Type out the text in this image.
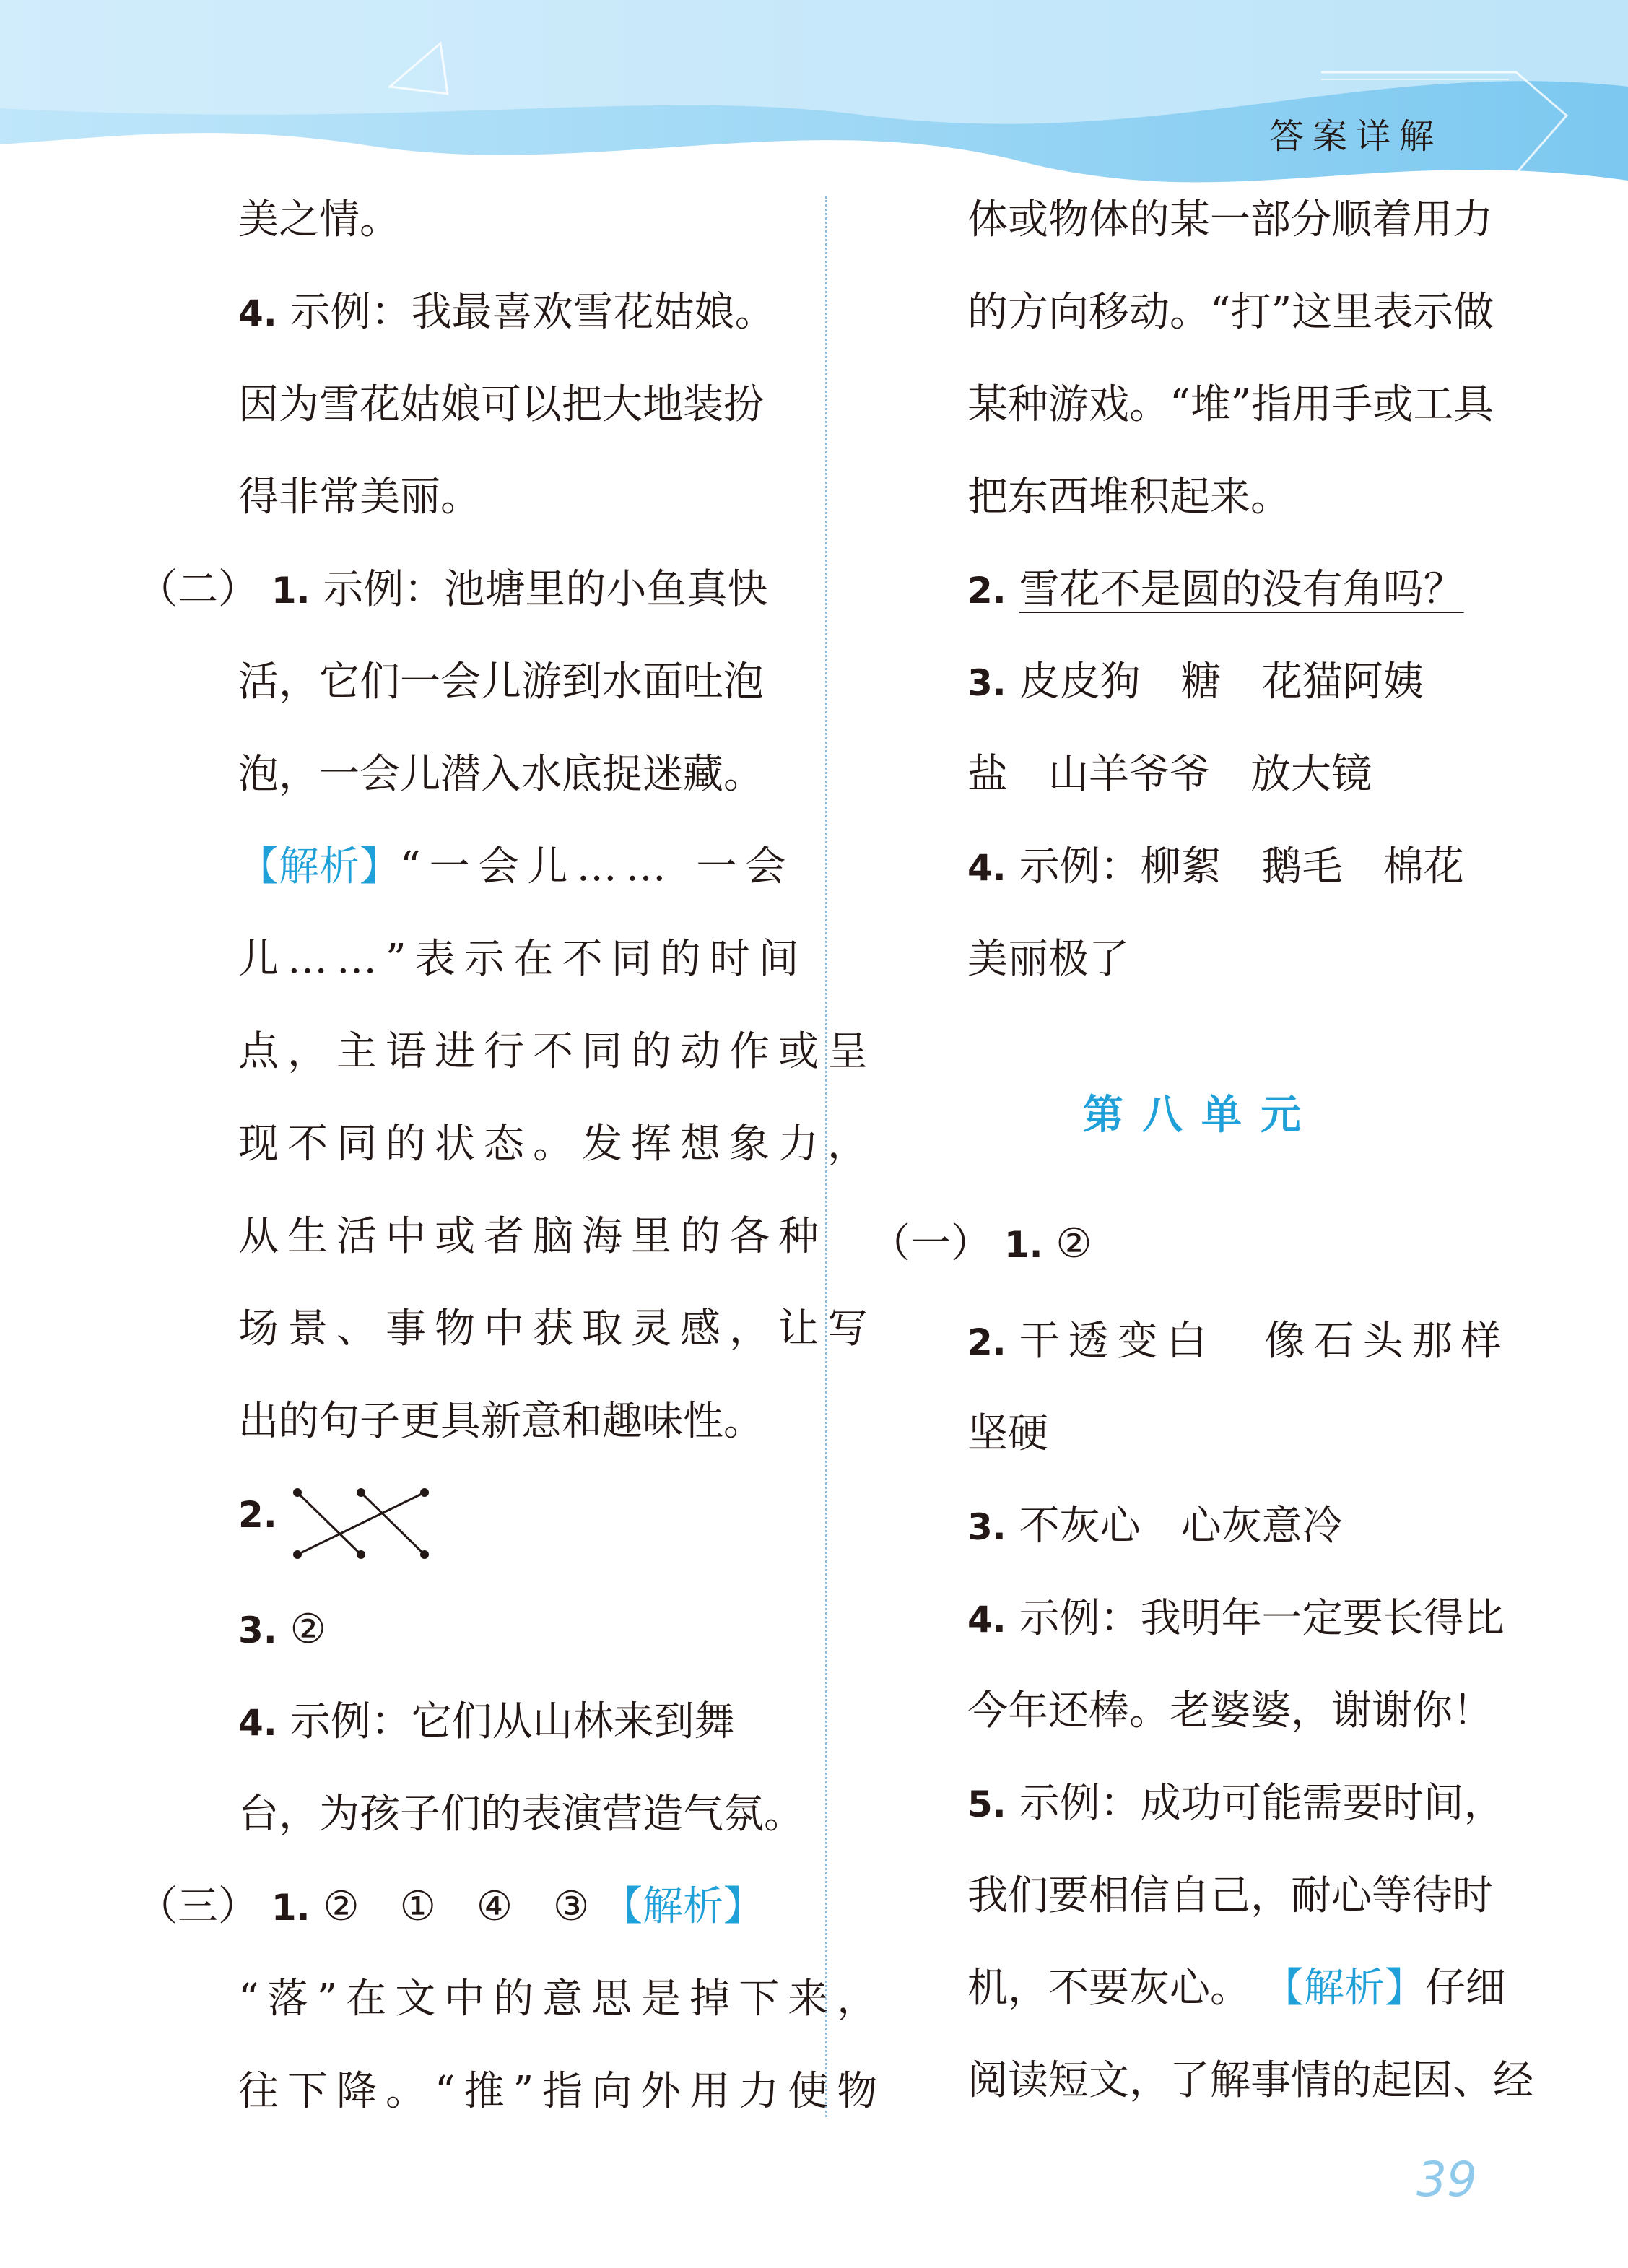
答案详解
美之情。
4. 示例：我最喜欢雪花姑娘。
因为雪花姑娘可以把大地装扮
得非常美丽。
（二） 1. 示例：池塘里的小鱼真快
活，它们一会儿游到水面吐泡
泡，一会儿潜入水底捉迷藏。
【解析】“一会儿…… 一会
儿……”表示在不同的时间
点，主语进行不同的动作或呈
现不同的状态。发挥想象力，
从生活中或者脑海里的各种
场景、事物中获取灵感，让写
出的句子更具新意和趣味性。
2.
3. ②
4. 示例：它们从山林来到舞
台，为孩子们的表演营造气氛。
（三） 1. ②　①　④　③ 【解析】
“落”在文中的意思是掉下来，
往下降。“推”指向外用力使物
体或物体的某一部分顺着用力
的方向移动。“打”这里表示做
某种游戏。“堆”指用手或工具
把东西堆积起来。
2. 雪花不是圆的没有角吗？
3. 皮皮狗　糖　花猫阿姨
盐　山羊爷爷　放大镜
4. 示例：柳絮　鹅毛　棉花
美丽极了
第八单元
（一） 1. ②
2. 干透变白　像石头那样
坚硬
3. 不灰心　心灰意冷
4. 示例：我明年一定要长得比
今年还棒。老婆婆，谢谢你！
5. 示例：成功可能需要时间，
我们要相信自己，耐心等待时
机，不要灰心。 【解析】仔细
阅读短文，了解事情的起因、经
39
